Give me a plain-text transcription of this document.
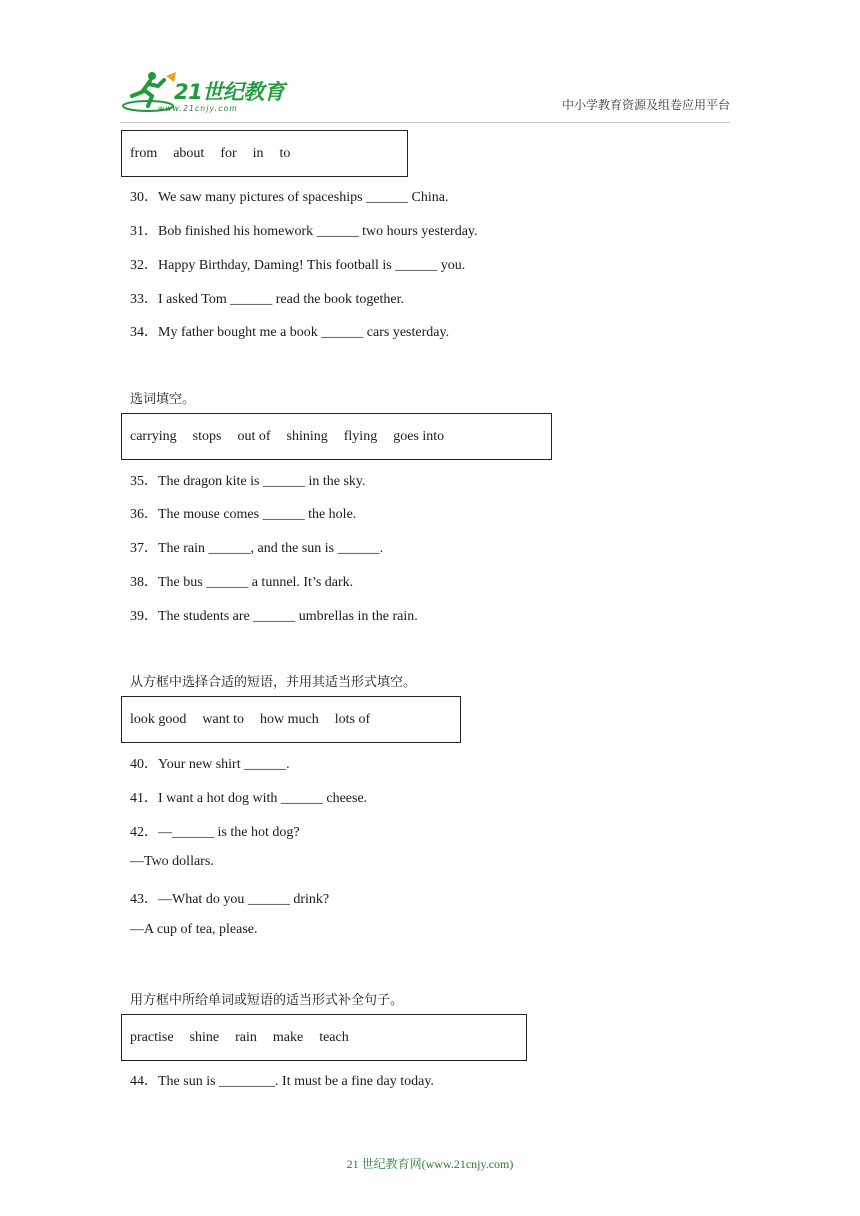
21世纪教育
www.21cnjy.com	中小学教育资源及组卷应用平台
from about for in to
30．We saw many pictures of spaceships ______ China.
31．Bob finished his homework ______ two hours yesterday.
32．Happy Birthday, Daming! This football is ______ you.
33．I asked Tom ______ read the book together.
34．My father bought me a book ______ cars yesterday.
选词填空。
carrying stops out of shining flying goes into
35．The dragon kite is ______ in the sky.
36．The mouse comes ______ the hole.
37．The rain ______, and the sun is ______.
38．The bus ______ a tunnel. It’s dark.
39．The students are ______ umbrellas in the rain.
从方框中选择合适的短语，并用其适当形式填空。
look good want to how much lots of
40．Your new shirt ______.
41．I want a hot dog with ______ cheese.
42．—______ is the hot dog?
—Two dollars.
43．—What do you ______ drink?
—A cup of tea, please.
用方框中所给单词或短语的适当形式补全句子。
practise shine rain make teach
44．The sun is ________. It must be a fine day today.
21 世纪教育网(www.21cnjy.com)
